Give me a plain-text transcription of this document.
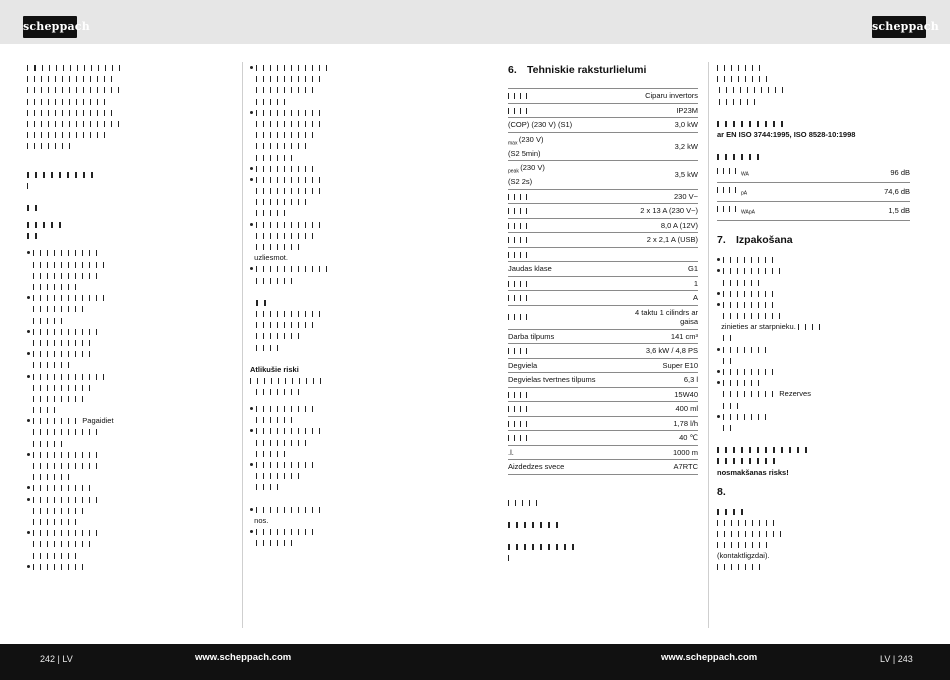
scheppach	scheppach

Pagaidiet

uzliesmot.

Atlikušie riski

nos.

6. Tehniskie raksturlielumi
	Ciparu invertors
	IP23M
(COP) (230 V) (S1)	3,0 kW
$_{max}$ (230 V)
(S2 5min)	3,2 kW
$_{peak}$ (230 V)
(S2 2s)	3,5 kW
	230 V~
	2 x 13 A (230 V~)
	8,0 A (12V)
	2 x 2,1 A (USB)

Jaudas klase	G1
	1
	A
	4 taktu 1 cilindrs ar gaisa
Darba tilpums	141 cm³
	3,6 kW / 4,8 PS
Degviela	Super E10
Degvielas tvertnes tilpums	6,3 l
	15W40
	400 ml
	1,78 l/h
	40 ℃
.l.	1000 m
Aizdedzes svece	A7RTC

ar EN ISO 3744:1995, ISO 8528-10:1998
$_{WA}$	96 dB
$_{pA}$	74,6 dB
$_{WApA}$	1,5 dB
7. Izpakošana

zinieties ar starpnieku.

Rezerves

nosmakšanas risks!
8.
(kontaktligzdai).
242 | LV	www.scheppach.com	www.scheppach.com	LV | 243
